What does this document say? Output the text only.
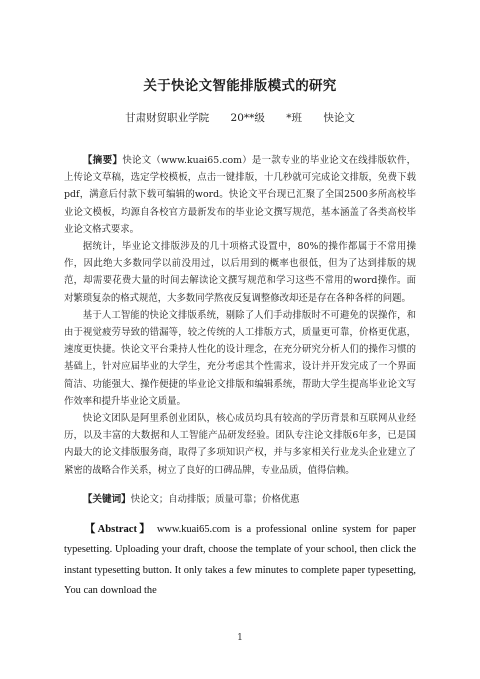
关于快论文智能排版模式的研究
甘肃财贸职业学院 20**级 *班 快论文

【摘要】快论文（www.kuai65.com）是一款专业的毕业论文在线排版软件，上传论文草稿，选定学校模板，点击一键排版，十几秒就可完成论文排版，免费下载pdf，满意后付款下载可编辑的word。快论文平台现已汇聚了全国2500多所高校毕业论文模板，均源自各校官方最新发布的毕业论文撰写规范，基本涵盖了各类高校毕业论文格式要求。

据统计，毕业论文排版涉及的几十项格式设置中，80%的操作都属于不常用操作，因此绝大多数同学以前没用过，以后用到的概率也很低，但为了达到排版的规范，却需要花费大量的时间去解读论文撰写规范和学习这些不常用的word操作。面对繁琐复杂的格式规范，大多数同学熬夜反复调整修改却还是存在各种各样的问题。

基于人工智能的快论文排版系统，剔除了人们手动排版时不可避免的误操作，和由于视觉疲劳导致的错漏等，较之传统的人工排版方式，质量更可靠，价格更优惠，速度更快捷。快论文平台秉持人性化的设计理念，在充分研究分析人们的操作习惯的基础上，针对应届毕业的大学生，充分考虑其个性需求，设计并开发完成了一个界面简洁、功能强大、操作便捷的毕业论文排版和编辑系统，帮助大学生提高毕业论文写作效率和提升毕业论文质量。

快论文团队是阿里系创业团队，核心成员均具有较高的学历背景和互联网从业经历，以及丰富的大数据和人工智能产品研发经验。团队专注论文排版6年多，已是国内最大的论文排版服务商，取得了多项知识产权，并与多家相关行业龙头企业建立了紧密的战略合作关系，树立了良好的口碑品牌，专业品质，值得信赖。

【关键词】快论文；自动排版；质量可靠；价格优惠

【Abstract】 www.kuai65.com is a professional online system for paper typesetting. Uploading your draft, choose the template of your school, then click the instant typesetting button. It only takes a few minutes to complete paper typesetting, You can download the

1
